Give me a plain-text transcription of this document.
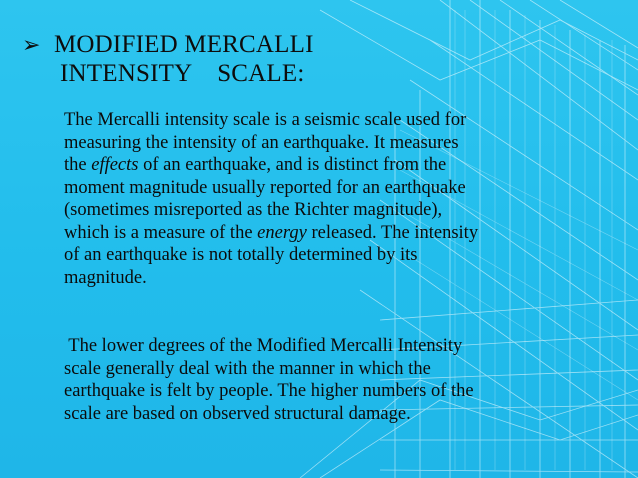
➢ MODIFIED MERCALLI
INTENSITY    SCALE:
The Mercalli intensity scale is a seismic scale used for
measuring the intensity of an earthquake. It measures
the effects of an earthquake, and is distinct from the
moment magnitude usually reported for an earthquake
(sometimes misreported as the Richter magnitude),
which is a measure of the energy released. The intensity
of an earthquake is not totally determined by its
magnitude.
The lower degrees of the Modified Mercalli Intensity
scale generally deal with the manner in which the
earthquake is felt by people. The higher numbers of the
scale are based on observed structural damage.
